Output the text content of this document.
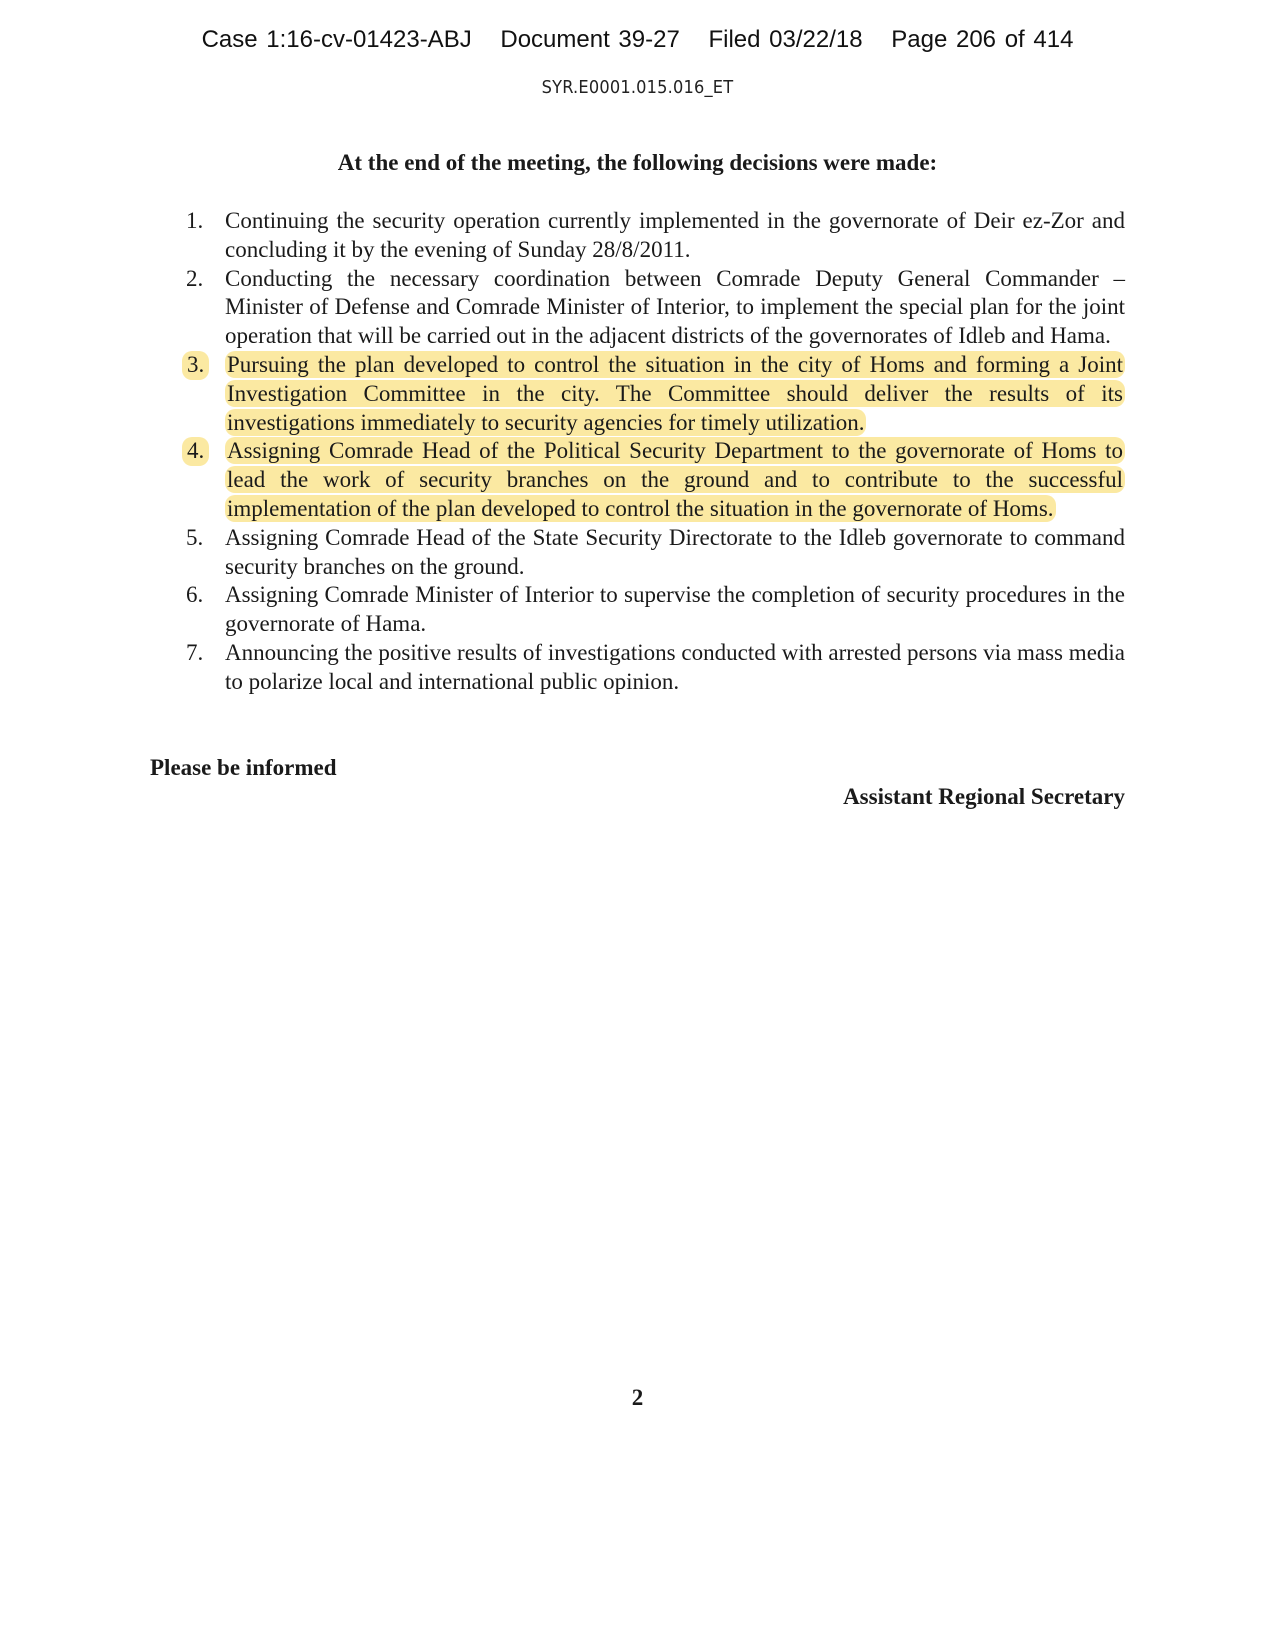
Case 1:16-cv-01423-ABJ Document 39-27 Filed 03/22/18 Page 206 of 414
SYR.E0001.015.016_ET
At the end of the meeting, the following decisions were made:
1. Continuing the security operation currently implemented in the governorate of Deir ez-Zor and concluding it by the evening of Sunday 28/8/2011.
2. Conducting the necessary coordination between Comrade Deputy General Commander – Minister of Defense and Comrade Minister of Interior, to implement the special plan for the joint operation that will be carried out in the adjacent districts of the governorates of Idleb and Hama.
3. Pursuing the plan developed to control the situation in the city of Homs and forming a Joint Investigation Committee in the city. The Committee should deliver the results of its investigations immediately to security agencies for timely utilization.
4. Assigning Comrade Head of the Political Security Department to the governorate of Homs to lead the work of security branches on the ground and to contribute to the successful implementation of the plan developed to control the situation in the governorate of Homs.
5. Assigning Comrade Head of the State Security Directorate to the Idleb governorate to command security branches on the ground.
6. Assigning Comrade Minister of Interior to supervise the completion of security procedures in the governorate of Hama.
7. Announcing the positive results of investigations conducted with arrested persons via mass media to polarize local and international public opinion.
Please be informed
Assistant Regional Secretary
2
